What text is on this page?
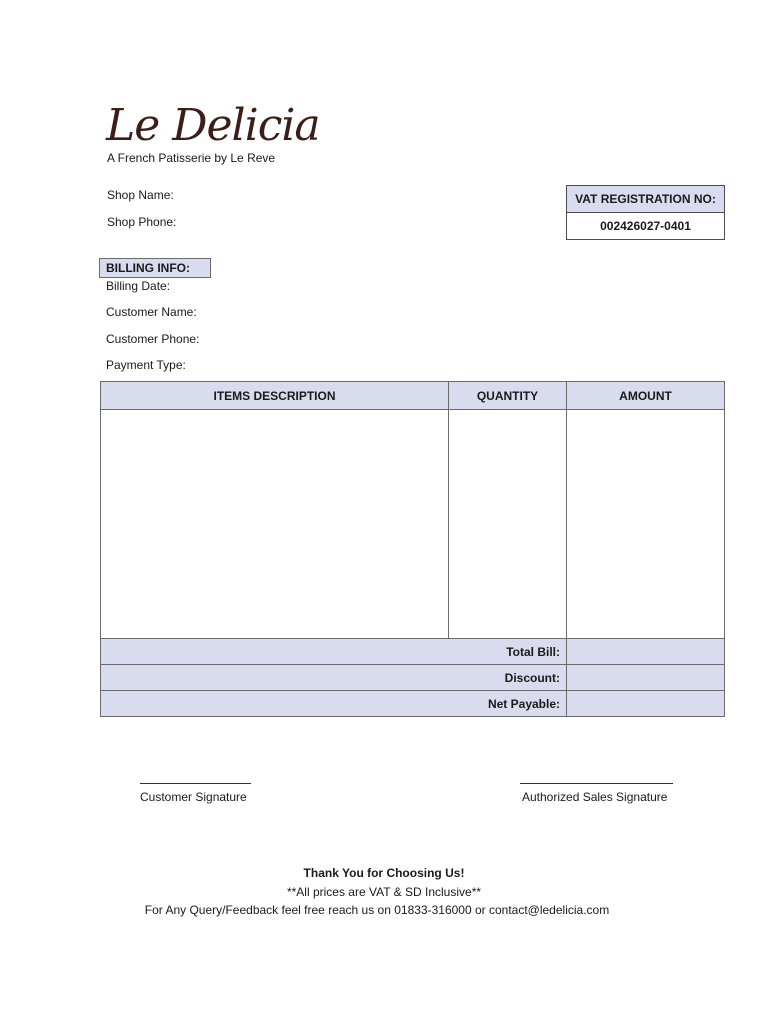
Le Delicia
A French Patisserie by Le Reve
Shop Name:
Shop Phone:
VAT REGISTRATION NO:
002426027-0401
BILLING INFO:
Billing Date:
Customer Name:
Customer Phone:
Payment Type:
ITEMS DESCRIPTION	QUANTITY	AMOUNT

Total Bill:		
Discount:		
Net Payable:		
Customer Signature	Authorized Sales Signature
Thank You for Choosing Us!
**All prices are VAT & SD Inclusive**
For Any Query/Feedback feel free reach us on 01833-316000 or contact@ledelicia.com
